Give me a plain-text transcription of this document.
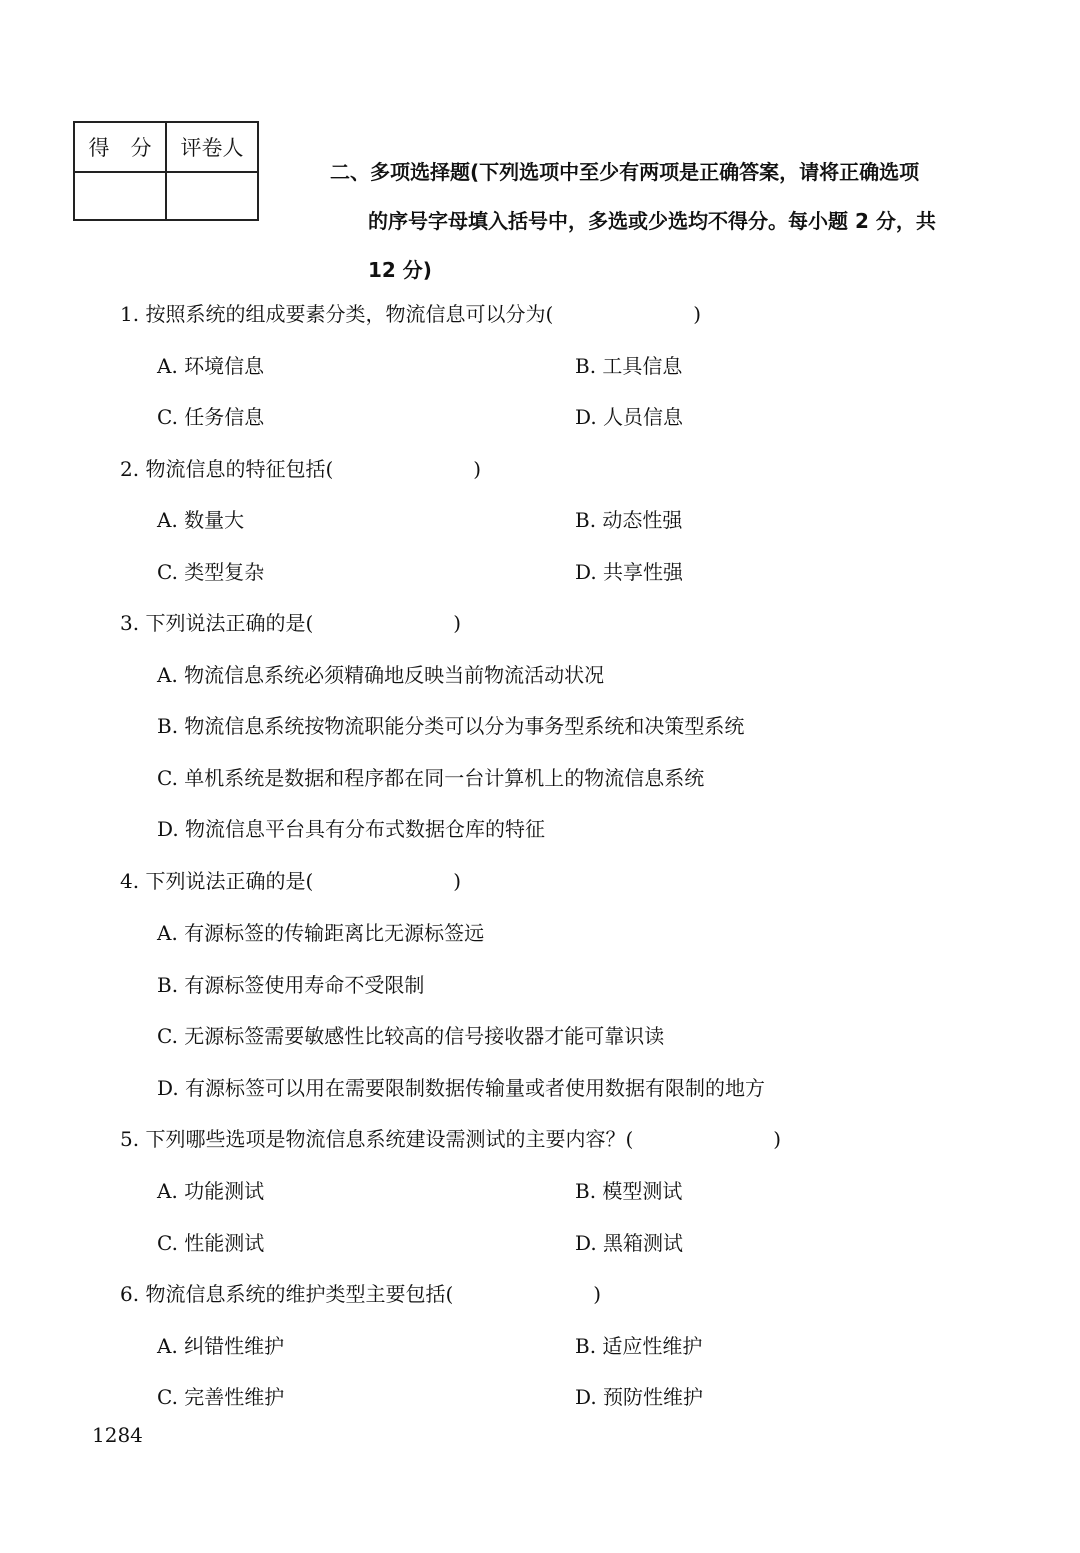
得　分	评卷人

二、多项选择题(下列选项中至少有两项是正确答案，请将正确选项
的序号字母填入括号中，多选或少选均不得分。每小题 2 分，共
12 分)
1. 按照系统的组成要素分类，物流信息可以分为(　　　　　　　)
A. 环境信息	B. 工具信息
C. 任务信息	D. 人员信息
2. 物流信息的特征包括(　　　　　　　)
A. 数量大	B. 动态性强
C. 类型复杂	D. 共享性强
3. 下列说法正确的是(　　　　　　　)
A. 物流信息系统必须精确地反映当前物流活动状况
B. 物流信息系统按物流职能分类可以分为事务型系统和决策型系统
C. 单机系统是数据和程序都在同一台计算机上的物流信息系统
D. 物流信息平台具有分布式数据仓库的特征
4. 下列说法正确的是(　　　　　　　)
A. 有源标签的传输距离比无源标签远
B. 有源标签使用寿命不受限制
C. 无源标签需要敏感性比较高的信号接收器才能可靠识读
D. 有源标签可以用在需要限制数据传输量或者使用数据有限制的地方
5. 下列哪些选项是物流信息系统建设需测试的主要内容？(　　　　　　　)
A. 功能测试	B. 模型测试
C. 性能测试	D. 黑箱测试
6. 物流信息系统的维护类型主要包括(　　　　　　　)
A. 纠错性维护	B. 适应性维护
C. 完善性维护	D. 预防性维护
1284
